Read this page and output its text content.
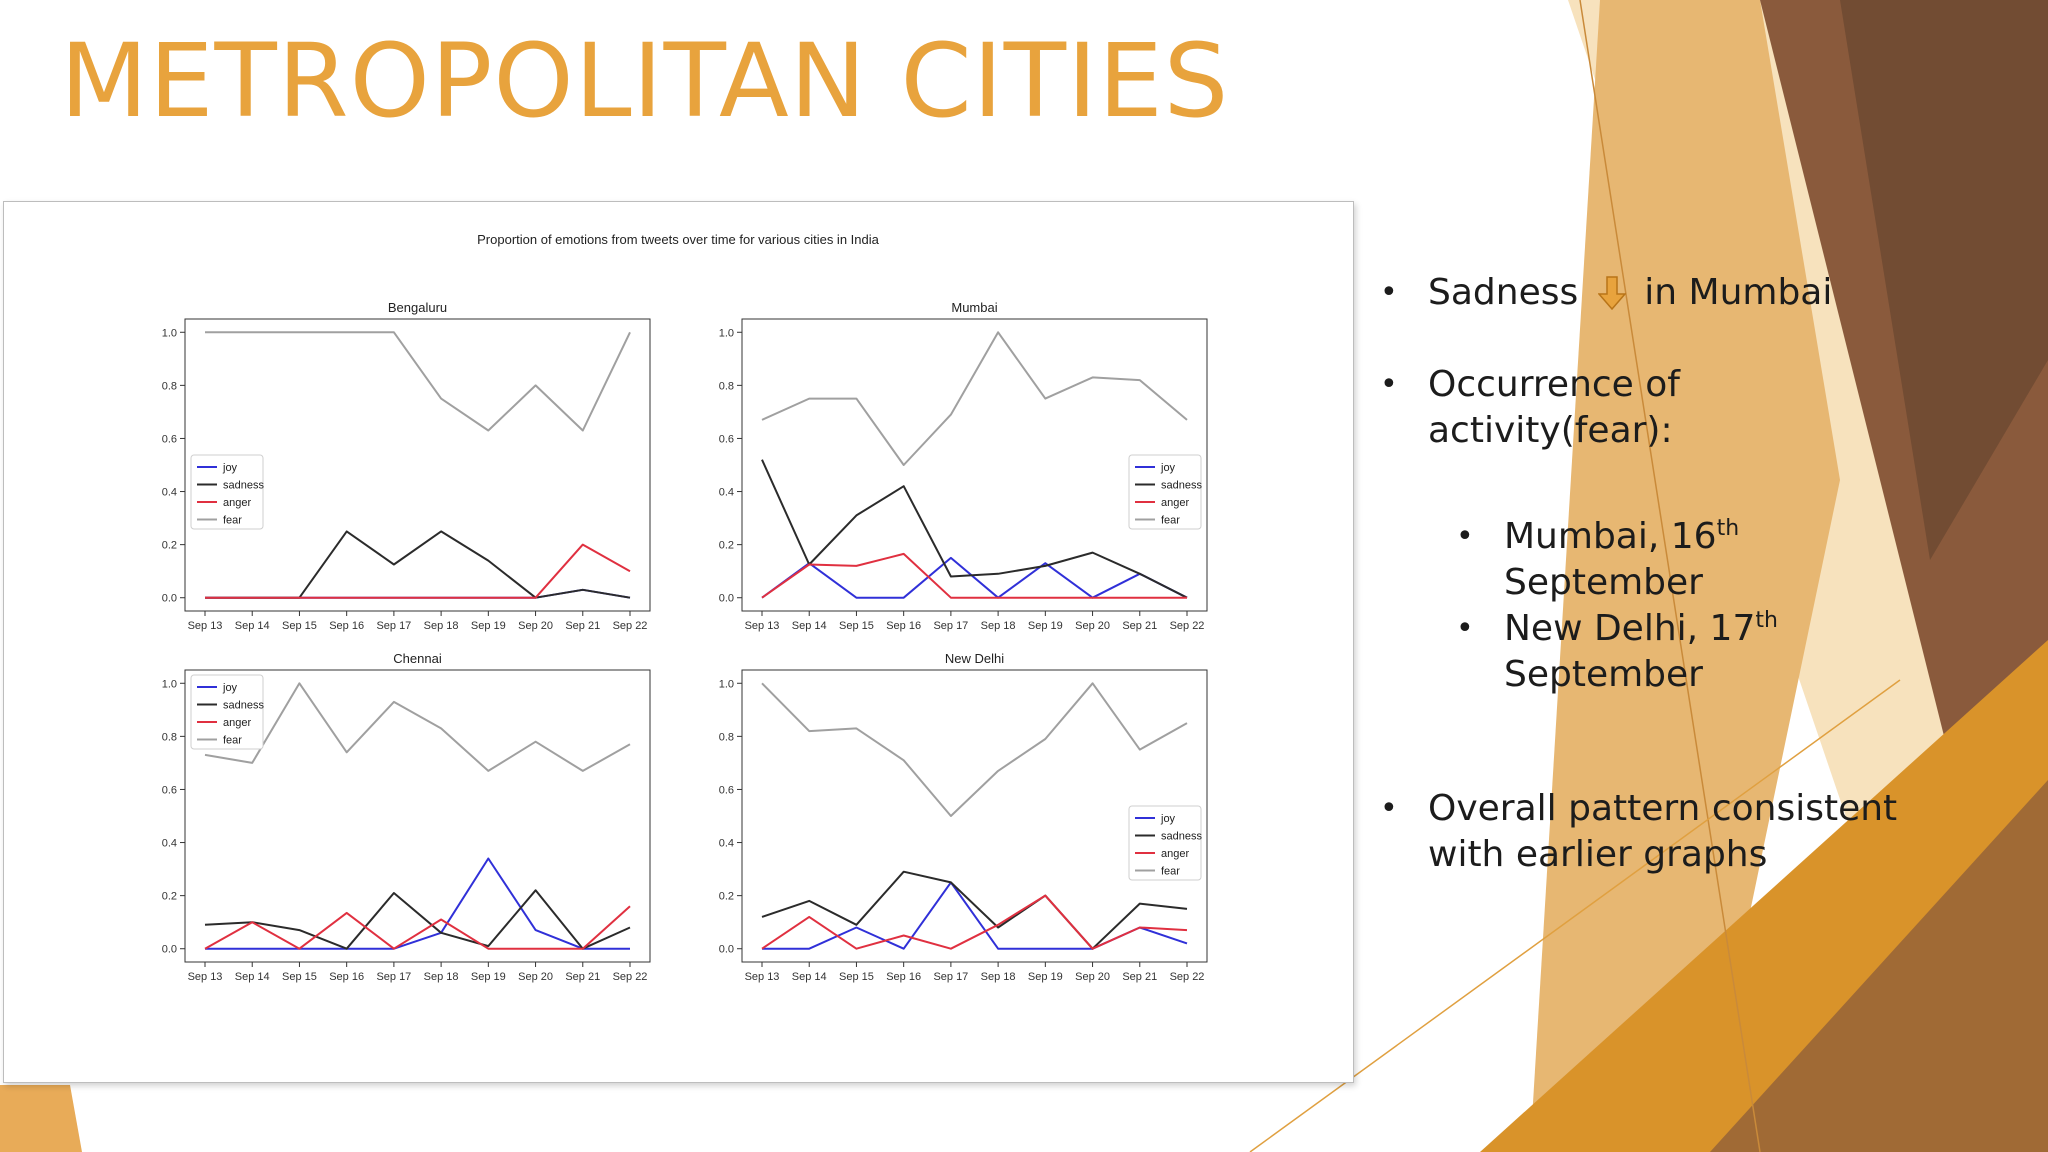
METROPOLITAN CITIES
Proportion of emotions from tweets over time for various cities in India
Bengaluru
0.0
0.2
0.4
0.6
0.8
1.0
Sep 13 Sep 14 Sep 15 Sep 16 Sep 17 Sep 18 Sep 19 Sep 20 Sep 21 Sep 22
joy
sadness
anger
fear
Mumbai
0.0
0.2
0.4
0.6
0.8
1.0
Sep 13 Sep 14 Sep 15 Sep 16 Sep 17 Sep 18 Sep 19 Sep 20 Sep 21 Sep 22
joy
sadness
anger
fear
Chennai
0.0
0.2
0.4
0.6
0.8
1.0
Sep 13 Sep 14 Sep 15 Sep 16 Sep 17 Sep 18 Sep 19 Sep 20 Sep 21 Sep 22
joy
sadness
anger
fear
New Delhi
0.0
0.2
0.4
0.6
0.8
1.0
Sep 13 Sep 14 Sep 15 Sep 16 Sep 17 Sep 18 Sep 19 Sep 20 Sep 21 Sep 22
joy
sadness
anger
fear
• Sadness in Mumbai
• Occurrence of activity(fear):
• Mumbai, 16th
September
• New Delhi, 17th
September
• Overall pattern consistent with earlier graphs
